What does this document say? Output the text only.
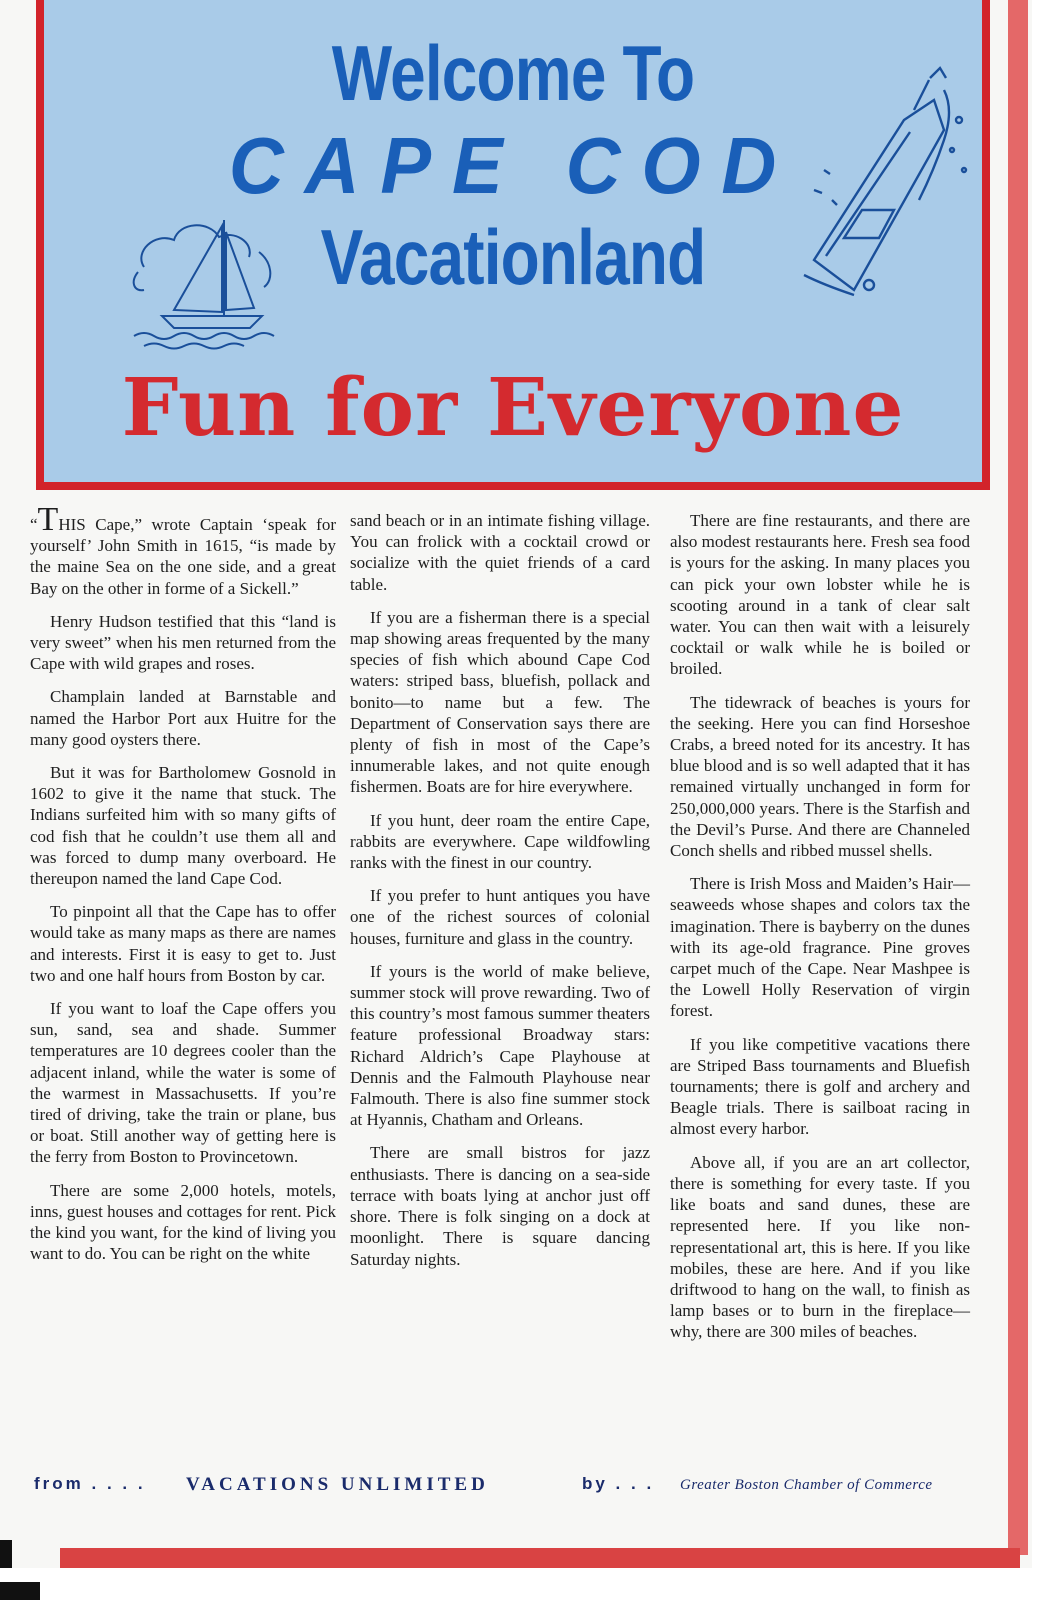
Welcome To
CAPE COD
Vacationland
Fun for Everyone

“THIS Cape,” wrote Captain ‘speak for yourself’ John Smith in 1615, “is made by the maine Sea on the one side, and a great Bay on the other in forme of a Sickell.”

Henry Hudson testified that this “land is very sweet” when his men returned from the Cape with wild grapes and roses.

Champlain landed at Barnstable and named the Harbor Port aux Huitre for the many good oysters there.

But it was for Bartholomew Gosnold in 1602 to give it the name that stuck. The Indians surfeited him with so many gifts of cod fish that he couldn’t use them all and was forced to dump many overboard. He thereupon named the land Cape Cod.

To pinpoint all that the Cape has to offer would take as many maps as there are names and interests. First it is easy to get to. Just two and one half hours from Boston by car.

If you want to loaf the Cape offers you sun, sand, sea and shade. Summer temperatures are 10 degrees cooler than the adjacent inland, while the water is some of the warmest in Massachusetts. If you’re tired of driving, take the train or plane, bus or boat. Still another way of getting here is the ferry from Boston to Provincetown.

There are some 2,000 hotels, motels, inns, guest houses and cottages for rent. Pick the kind you want, for the kind of living you want to do. You can be right on the white

sand beach or in an intimate fishing village. You can frolick with a cocktail crowd or socialize with the quiet friends of a card table.

If you are a fisherman there is a special map showing areas frequented by the many species of fish which abound Cape Cod waters: striped bass, bluefish, pollack and bonito—to name but a few. The Department of Conservation says there are plenty of fish in most of the Cape’s innumerable lakes, and not quite enough fishermen. Boats are for hire everywhere.

If you hunt, deer roam the entire Cape, rabbits are everywhere. Cape wildfowling ranks with the finest in our country.

If you prefer to hunt antiques you have one of the richest sources of colonial houses, furniture and glass in the country.

If yours is the world of make believe, summer stock will prove rewarding. Two of this country’s most famous summer theaters feature professional Broadway stars: Richard Aldrich’s Cape Playhouse at Dennis and the Falmouth Playhouse near Falmouth. There is also fine summer stock at Hyannis, Chatham and Orleans.

There are small bistros for jazz enthusiasts. There is dancing on a sea-side terrace with boats lying at anchor just off shore. There is folk singing on a dock at moonlight. There is square dancing Saturday nights.

There are fine restaurants, and there are also modest restaurants here. Fresh sea food is yours for the asking. In many places you can pick your own lobster while he is scooting around in a tank of clear salt water. You can then wait with a leisurely cocktail or walk while he is boiled or broiled.

The tidewrack of beaches is yours for the seeking. Here you can find Horseshoe Crabs, a breed noted for its ancestry. It has blue blood and is so well adapted that it has remained virtually unchanged in form for 250,000,000 years. There is the Starfish and the Devil’s Purse. And there are Channeled Conch shells and ribbed mussel shells.

There is Irish Moss and Maiden’s Hair—seaweeds whose shapes and colors tax the imagination. There is bayberry on the dunes with its age-old fragrance. Pine groves carpet much of the Cape. Near Mashpee is the Lowell Holly Reservation of virgin forest.

If you like competitive vacations there are Striped Bass tournaments and Bluefish tournaments; there is golf and archery and Beagle trials. There is sailboat racing in almost every harbor.

Above all, if you are an art collector, there is something for every taste. If you like boats and sand dunes, these are represented here. If you like non-representational art, this is here. If you like mobiles, these are here. And if you like driftwood to hang on the wall, to finish as lamp bases or to burn in the fireplace—why, there are 300 miles of beaches.

from . . . . VACATIONS UNLIMITED	by . . . Greater Boston Chamber of Commerce
